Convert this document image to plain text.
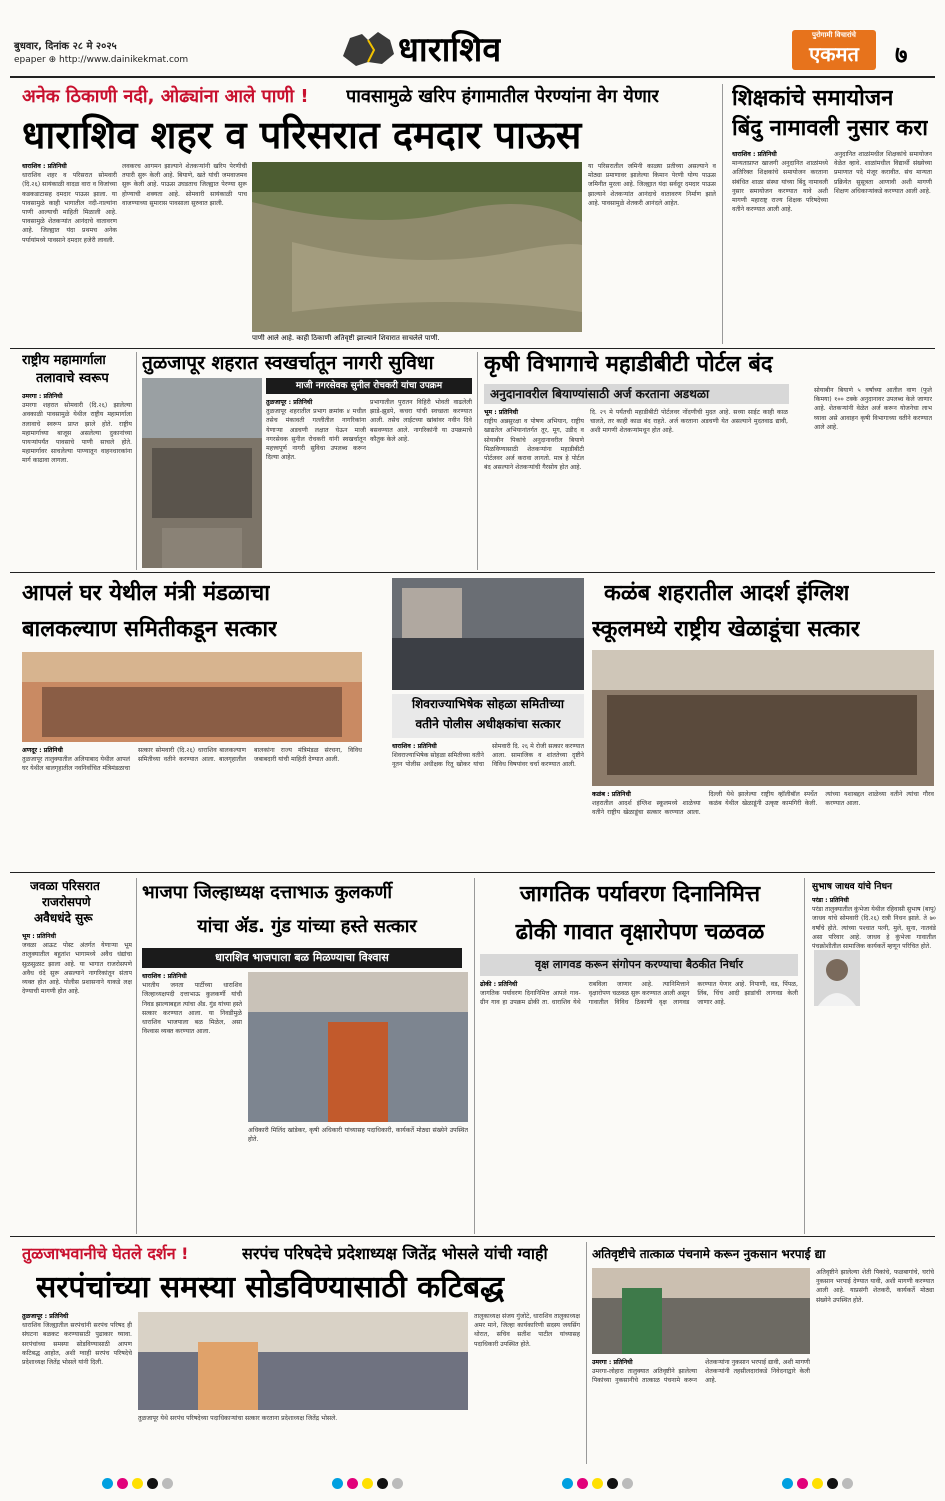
बुधवार, दिनांक २८ मे २०२५
epaper ⊕ http://www.dainikekmat.com	धाराशिव	पुरोगामी विचारांचे
एकमत	७
अनेक ठिकाणी नदी, ओढ्यांना आले पाणी ! पावसामुळे खरिप हंगामातील पेरण्यांना वेग येणार
धाराशिव शहर व परिसरात दमदार पाऊस
धाराशिव : प्रतिनिधी
धाराशिव शहर व परिसरात सोमवारी (दि.२६) सायंकाळी वादळ वारा व विजांच्या कडकडाटासह दमदार पाऊस झाला. या पावसामुळे काही भागातील नदी-नाल्यांना पाणी आल्याची माहिती मिळाली आहे. पावसामुळे शेतकऱ्यांत आनंदाचे वातावरण आहे. जिल्ह्यात यंदा प्रथमच अनेक पर्यायांमध्ये पावसाने दमदार हजेरी लावली.
लवकरच आगमन झाल्याने शेतकऱ्यांनी खरिप पेरणीची तयारी सुरू केली आहे. बियाणे, खते यांची जमवाजमव सुरू केली आहे. पाऊस उघडताच जिल्ह्यात पेरण्या सुरू होण्याची शक्यता आहे. सोमवारी सायंकाळी पाच वाजण्याच्या सुमारास पावसाला सुरुवात झाली.
पाणी आले आहे. काही ठिकाणी अतिवृष्टी झाल्याने शिवारात साचलेले पाणी.
या परिसरातील जमिनी काळ्या प्रतीच्या असल्याने व मोठ्या प्रमाणावर झालेल्या किमान पेरणी योग्य पाऊस जमिनीत मुरला आहे. जिल्ह्यात यंदा सर्वदूर दमदार पाऊस झाल्याने शेतकऱ्यांत आनंदाचे वातावरण निर्माण झाले आहे. पावसामुळे शेतकरी आनंदले आहेत.
शिक्षकांचे समायोजन
बिंदु नामावली नुसार करा
धाराशिव : प्रतिनिधी
मान्यताप्राप्त खाजगी अनुदानित शाळांमध्ये अतिरिक्त शिक्षकांचे समायोजन करताना संबंधित शाळा संस्था यांच्या बिंदु नामावली नुसार समायोजन करण्यात यावे अशी मागणी महाराष्ट्र राज्य शिक्षक परिषदेच्या वतीने करण्यात आली आहे.
अनुदानित शाळांमधील शिक्षकांचे समायोजन वेळेत व्हावे. शाळांमधील विद्यार्थी संख्येच्या प्रमाणात पदे मंजूर करावीत. संच मान्यता प्रक्रियेत सुसूत्रता आणावी अशी मागणी शिक्षण अधिकाऱ्यांकडे करण्यात आली आहे.
राष्ट्रीय महामार्गाला
तलावाचे स्वरूप
उमरगा : प्रतिनिधी
उमरगा शहरात सोमवारी (दि.२६) झालेल्या अवकाळी पावसामुळे येथील राष्ट्रीय महामार्गाला तलावाचे स्वरूप प्राप्त झाले होते. राष्ट्रीय महामार्गाच्या बाजूस असलेल्या दुकानांच्या पायऱ्यांपर्यंत पावसाचे पाणी साचले होते. महामार्गावर साचलेल्या पाण्यातून वाहनधारकांना मार्ग काढावा लागला.
तुळजापूर शहरात स्वखर्चातून नागरी सुविधा
माजी नगरसेवक सुनील रोचकरी यांचा उपक्रम
तुळजापूर : प्रतिनिधी
तुळजापूर शहरातील प्रभाग क्रमांक ४ मधील तसेच मंकावती गल्लीतील नागरिकांना येणाऱ्या अडचणी लक्षात घेऊन माजी नगरसेवक सुनील रोचकरी यांनी स्वखर्चातून महत्त्वपूर्ण नागरी सुविधा उपलब्ध करून दिल्या आहेत.
प्रभागातील पुरातन विहिरी भोवती वाढलेली झाडे-झुडपे, कचरा यांची स्वच्छता करण्यात आली. तसेच लाईटच्या खांबांवर नवीन दिवे बसवण्यात आले. नागरिकांनी या उपक्रमाचे कौतुक केले आहे.
कृषी विभागाचे महाडीबीटी पोर्टल बंद
अनुदानावरील बियाण्यांसाठी अर्ज करताना अडथळा
भूम : प्रतिनिधी
राष्ट्रीय अन्नसुरक्षा व पोषण अभियान, राष्ट्रीय खाद्यतेल अभियानांतर्गत तूर, मूग, उडीद व सोयाबीन पिकांचे अनुदानावरील बियाणे मिळविण्यासाठी शेतकऱ्यांना महाडीबीटी पोर्टलवर अर्ज करावा लागतो. मात्र हे पोर्टल बंद असल्याने शेतकऱ्यांची गैरसोय होत आहे.
दि. २९ मे पर्यंतची महाडीबीटी पोर्टलवर नोंदणीची मुदत आहे. सध्या साईट काही काळ चालते, तर काही काळ बंद राहते. अर्ज करताना अडचणी येत असल्याने मुदतवाढ द्यावी, अशी मागणी शेतकऱ्यांमधून होत आहे.
सोयाबीन बियाणे ५ वर्षांच्या आतील वाण (फुले किमया) १०० टक्के अनुदानावर उपलब्ध केले जाणार आहे. शेतकऱ्यांनी वेळेत अर्ज करून योजनेचा लाभ घ्यावा असे आवाहन कृषी विभागाच्या वतीने करण्यात आले आहे.
आपलं घर येथील मंत्री मंडळाचा
बालकल्याण समितीकडून सत्कार
अणदूर : प्रतिनिधी
तुळजापूर तालुक्यातील अलियाबाद येथील आपलं घर येथील बालगृहातील नवनिर्वाचित मंत्रिमंडळाचा सत्कार सोमवारी (दि.२६) धाराशिव बालकल्याण समितीच्या वतीने करण्यात आला. बालगृहातील बालकांना राज्य मंत्रिमंडळ संरचना, विविध जबाबदारी यांची माहिती देण्यात आली.
शिवराज्याभिषेक सोहळा समितीच्या
वतीने पोलीस अधीक्षकांचा सत्कार
धाराशिव : प्रतिनिधी
शिवराज्याभिषेक सोहळा समितीच्या वतीने नूतन पोलीस अधीक्षक रितू खोकर यांचा सोमवारी दि. २६ मे रोजी सत्कार करण्यात आला. सामाजिक व शांततेच्या दृष्टीने विविध विषयांवर चर्चा करण्यात आली.
कळंब शहरातील आदर्श इंग्लिश
स्कूलमध्ये राष्ट्रीय खेळाडूंचा सत्कार
कळंब : प्रतिनिधी
शहरातील आदर्श इंग्लिश स्कूलमध्ये शाळेच्या वतीने राष्ट्रीय खेळाडूंचा सत्कार करण्यात आला. दिल्ली येथे झालेल्या राष्ट्रीय व्हॉलीबॉल स्पर्धेत कळंब येथील खेळाडूंनी उत्कृष्ट कामगिरी केली. त्यांच्या यशाबद्दल शाळेच्या वतीने त्यांचा गौरव करण्यात आला.
जवळा परिसरात
राजरोसपणे
अवैधधंदे सुरू
भूम : प्रतिनिधी
जवळा आऊट पोस्ट अंतर्गत येणाऱ्या भूम तालुक्यातील बहुतांश भागामध्ये अवैध धंद्यांचा सुळसुळाट झाला आहे. या भागात राजरोसपणे अवैध धंदे सुरू असल्याने नागरिकांतून संताप व्यक्त होत आहे. पोलीस प्रशासनाने याकडे लक्ष देण्याची मागणी होत आहे.
भाजपा जिल्हाध्यक्ष दत्ताभाऊ कुलकर्णी
यांचा ॲड. गुंड यांच्या हस्ते सत्कार
धाराशिव भाजपाला बळ मिळण्याचा विश्वास
धाराशिव : प्रतिनिधी
भारतीय जनता पार्टीच्या धाराशिव जिल्हाध्यक्षपदी दत्ताभाऊ कुलकर्णी यांची निवड झाल्याबद्दल त्यांचा ॲड. गुंड यांच्या हस्ते सत्कार करण्यात आला. या निवडीमुळे धाराशिव भाजपाला बळ मिळेल, असा विश्वास व्यक्त करण्यात आला.
अधिकारी मिलिंद खांडेकर, कृषी अधिकारी यांच्यासह पदाधिकारी, कार्यकर्ते मोठ्या संख्येने उपस्थित होते.
जागतिक पर्यावरण दिनानिमित्त
ढोकी गावात वृक्षारोपण चळवळ
वृक्ष लागवड करून संगोपन करण्याचा बैठकीत निर्धार
ढोकी : प्रतिनिधी
जागतिक पर्यावरण दिनानिमित्त आपले गाव-ग्रीन गाव हा उपक्रम ढोकी ता. धाराशिव येथे राबविला जाणार आहे. त्यानिमित्ताने वृक्षारोपण चळवळ सुरू करण्यात आली असून गावातील विविध ठिकाणी वृक्ष लागवड करण्यात येणार आहे. निपाणी, वड, पिंपळ, लिंब, चिंच आदी झाडांची लागवड केली जाणार आहे.
सुभाष जाधव यांचे निधन
परंडा : प्रतिनिधी
परंडा तालुक्यातील कुंभेजा येथील रहिवासी सुभाष (बापू) जाधव यांचे सोमवारी (दि.२६) रात्री निधन झाले. ते ७० वर्षांचे होते. त्यांच्या पश्चात पत्नी, मुले, सुना, नातवंडे असा परिवार आहे. जाधव हे कुंभेजा गावातील पंचक्रोशीतील सामाजिक कार्यकर्ते म्हणून परिचित होते.
तुळजाभवानीचे घेतले दर्शन !	सरपंच परिषदेचे प्रदेशाध्यक्ष जितेंद्र भोसले यांची ग्वाही
सरपंचांच्या समस्या सोडविण्यासाठी कटिबद्ध
तुळजापूर : प्रतिनिधी
धाराशिव जिल्ह्यातील सरपंचांनी सरपंच परिषद ही संघटना बळकट करण्यासाठी पुढाकार घ्यावा. सरपंचांच्या समस्या सोडविण्यासाठी आपण कटिबद्ध आहोत, अशी ग्वाही सरपंच परिषदेचे प्रदेशाध्यक्ष जितेंद्र भोसले यांनी दिली.
तुळजापूर येथे सरपंच परिषदेच्या पदाधिकाऱ्यांचा सत्कार करताना प्रदेशाध्यक्ष जितेंद्र भोसले.
तालुकाध्यक्ष संजय गुंजोटे, धाराशिव तालुकाध्यक्ष अमर माने, जिल्हा कार्यकारिणी सदस्य जयसिंग थोरात, सचिव सतीश पाटील यांच्यासह पदाधिकारी उपस्थित होते.
अतिवृष्टीचे तात्काळ पंचनामे करून नुकसान भरपाई द्या
उमरगा : प्रतिनिधी
उमरगा-लोहारा तालुक्यात अतिवृष्टीने झालेल्या पिकांच्या नुकसानीचे तात्काळ पंचनामे करून शेतकऱ्यांना नुकसान भरपाई द्यावी, अशी मागणी शेतकऱ्यांनी तहसीलदारांकडे निवेदनाद्वारे केली आहे.
अतिवृष्टीने झालेल्या शेती पिकांचे, फळबागांचे, घरांचे नुकसान भरपाई देण्यात यावी, अशी मागणी करण्यात आली आहे. याप्रसंगी शेतकरी, कार्यकर्ते मोठ्या संख्येने उपस्थित होते.
